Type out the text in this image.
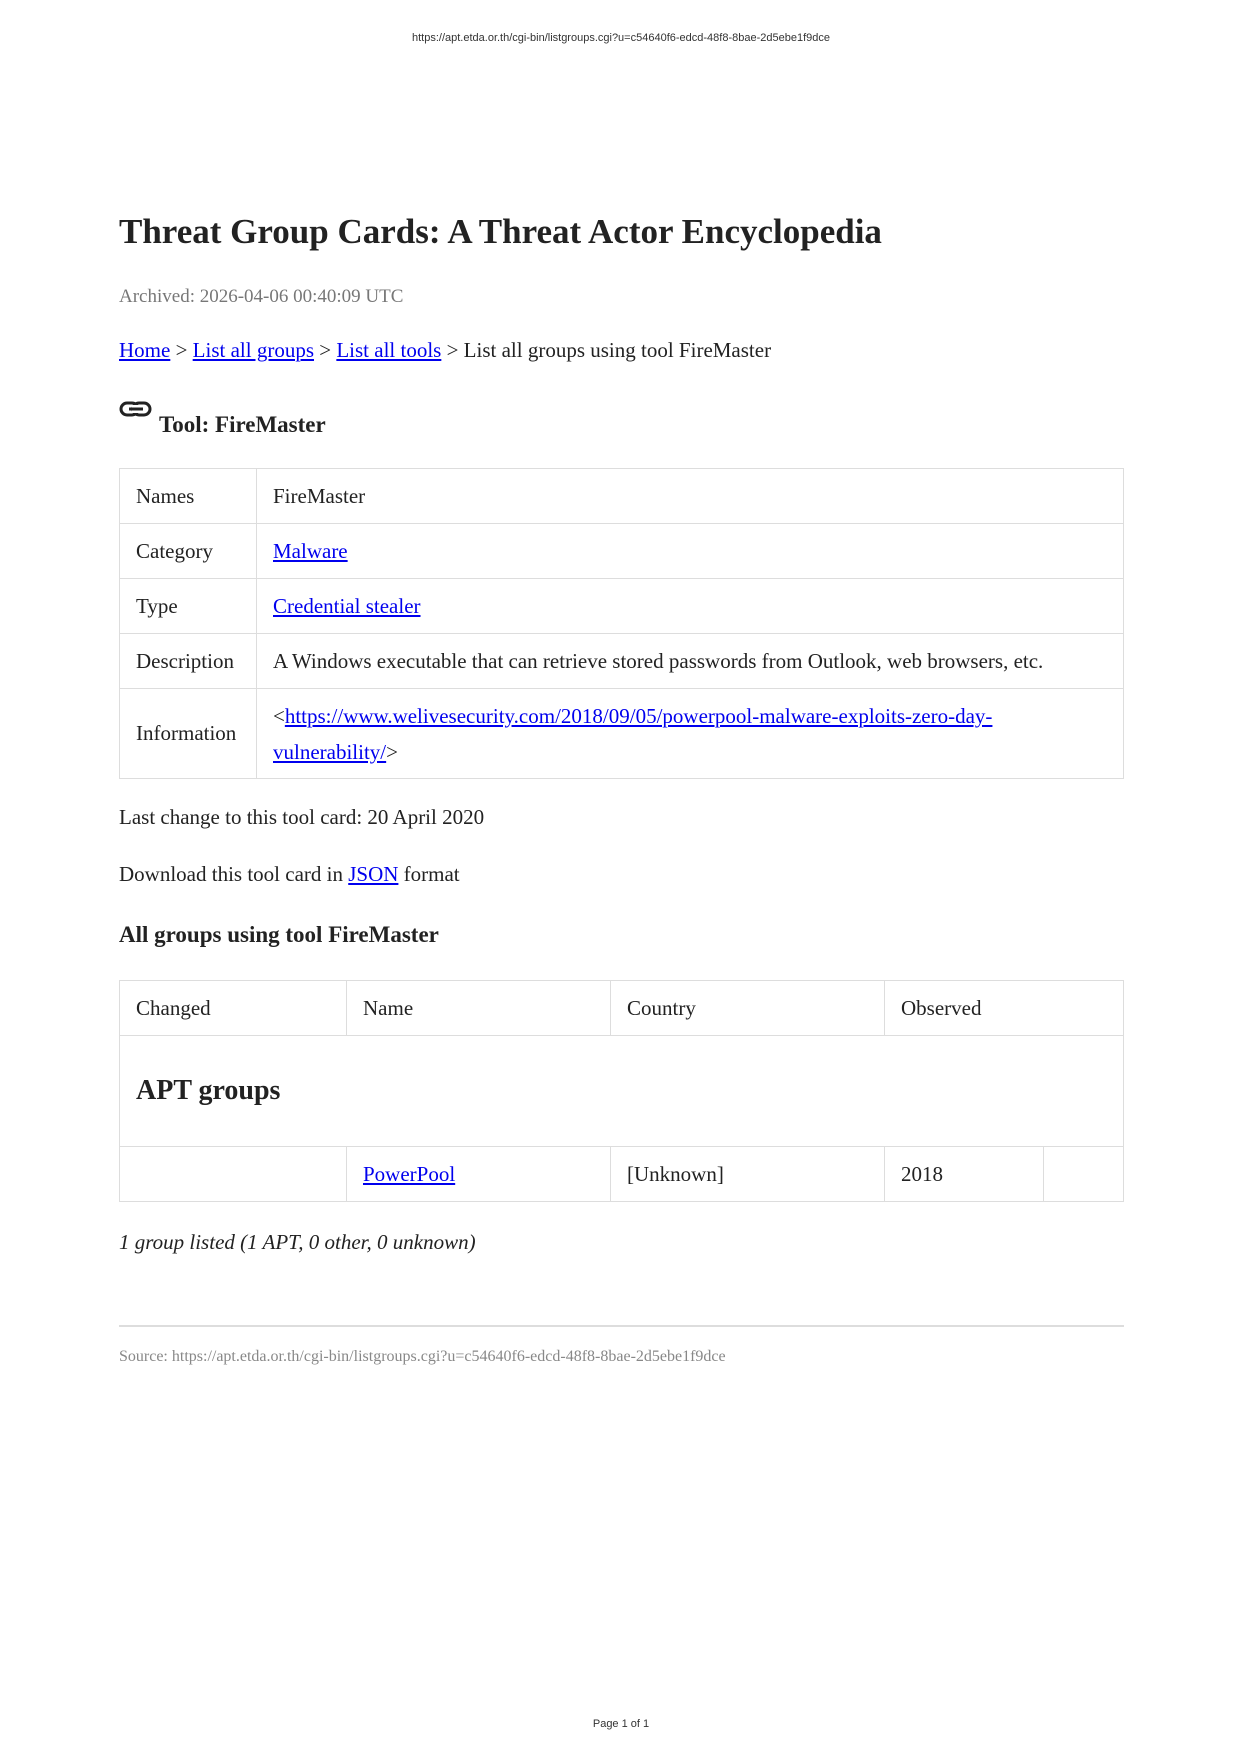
https://apt.etda.or.th/cgi-bin/listgroups.cgi?u=c54640f6-edcd-48f8-8bae-2d5ebe1f9dce
Threat Group Cards: A Threat Actor Encyclopedia

Archived: 2026-04-06 00:40:09 UTC

Home > List all groups > List all tools > List all groups using tool FireMaster

Tool: FireMaster
Names	FireMaster
Category	Malware
Type	Credential stealer
Description	A Windows executable that can retrieve stored passwords from Outlook, web browsers, etc.
Information	<https://www.welivesecurity.com/2018/09/05/powerpool-malware-exploits-zero-day-
vulnerability/>

Last change to this tool card: 20 April 2020

Download this tool card in JSON format

All groups using tool FireMaster
Changed	Name	Country	Observed	
APT groups				
	PowerPool	[Unknown]	2018	

1 group listed (1 APT, 0 other, 0 unknown)

Source: https://apt.etda.or.th/cgi-bin/listgroups.cgi?u=c54640f6-edcd-48f8-8bae-2d5ebe1f9dce

Page 1 of 1
